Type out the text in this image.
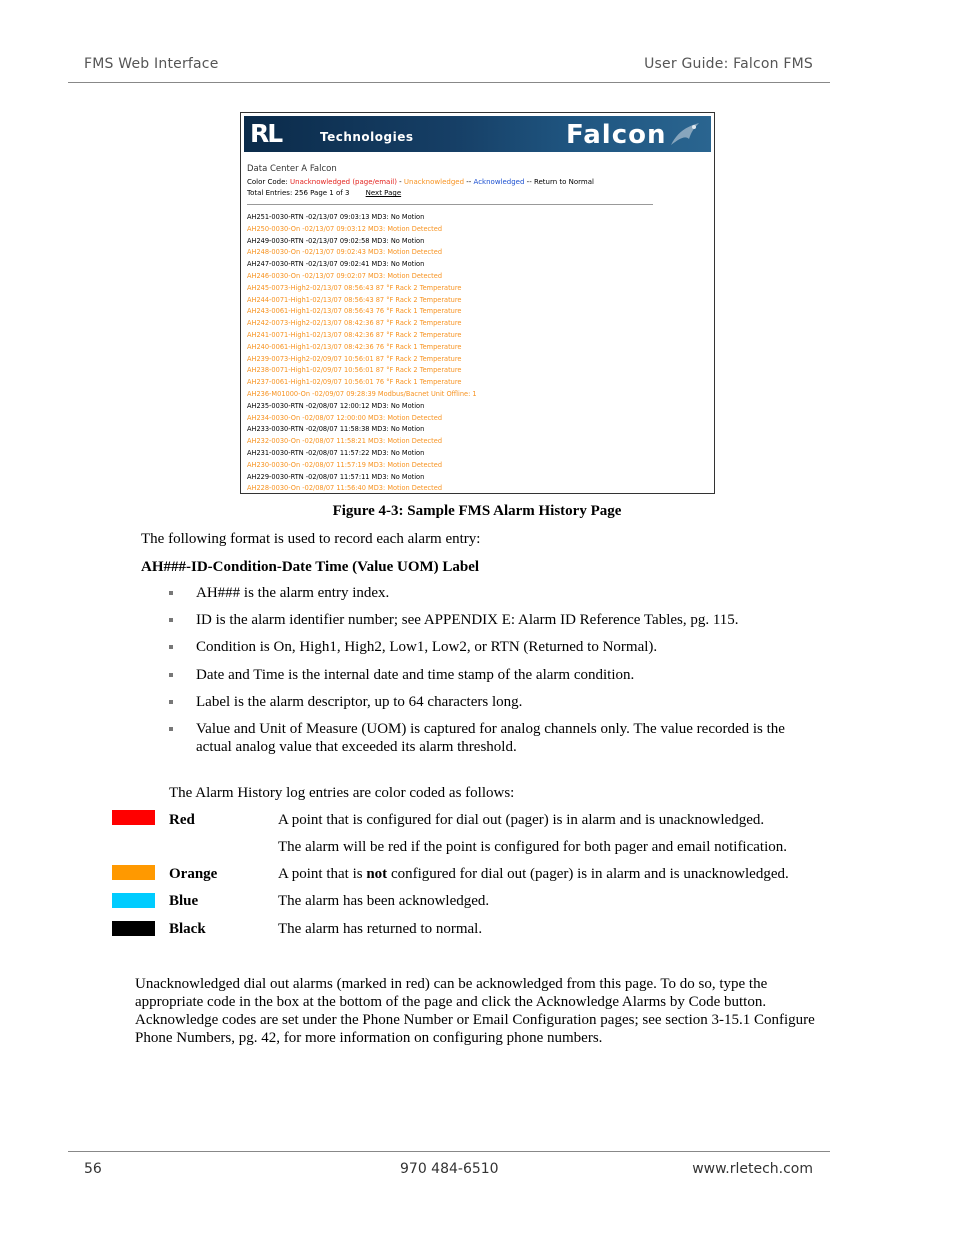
FMS Web Interface	User Guide: Falcon FMS
RL	Technologies	Falcon
Data Center A Falcon
Color Code: Unacknowledged (page/email) - Unacknowledged -- Acknowledged -- Return to Normal
Total Entries: 256 Page 1 of 3 Next Page
AH251-0030-RTN -02/13/07 09:03:13 MD3: No Motion
AH250-0030-On -02/13/07 09:03:12 MD3: Motion Detected
AH249-0030-RTN -02/13/07 09:02:58 MD3: No Motion
AH248-0030-On -02/13/07 09:02:43 MD3: Motion Detected
AH247-0030-RTN -02/13/07 09:02:41 MD3: No Motion
AH246-0030-On -02/13/07 09:02:07 MD3: Motion Detected
AH245-0073-High2-02/13/07 08:56:43 87 °F Rack 2 Temperature
AH244-0071-High1-02/13/07 08:56:43 87 °F Rack 2 Temperature
AH243-0061-High1-02/13/07 08:56:43 76 °F Rack 1 Temperature
AH242-0073-High2-02/13/07 08:42:36 87 °F Rack 2 Temperature
AH241-0071-High1-02/13/07 08:42:36 87 °F Rack 2 Temperature
AH240-0061-High1-02/13/07 08:42:36 76 °F Rack 1 Temperature
AH239-0073-High2-02/09/07 10:56:01 87 °F Rack 2 Temperature
AH238-0071-High1-02/09/07 10:56:01 87 °F Rack 2 Temperature
AH237-0061-High1-02/09/07 10:56:01 76 °F Rack 1 Temperature
AH236-M01000-On -02/09/07 09:28:39 Modbus/Bacnet Unit Offline: 1
AH235-0030-RTN -02/08/07 12:00:12 MD3: No Motion
AH234-0030-On -02/08/07 12:00:00 MD3: Motion Detected
AH233-0030-RTN -02/08/07 11:58:38 MD3: No Motion
AH232-0030-On -02/08/07 11:58:21 MD3: Motion Detected
AH231-0030-RTN -02/08/07 11:57:22 MD3: No Motion
AH230-0030-On -02/08/07 11:57:19 MD3: Motion Detected
AH229-0030-RTN -02/08/07 11:57:11 MD3: No Motion
AH228-0030-On -02/08/07 11:56:40 MD3: Motion Detected
Figure 4-3: Sample FMS Alarm History Page
The following format is used to record each alarm entry:
AH###-ID-Condition-Date Time (Value UOM) Label
AH### is the alarm entry index.
ID is the alarm identifier number; see APPENDIX E: Alarm ID Reference Tables, pg. 115.
Condition is On, High1, High2, Low1, Low2, or RTN (Returned to Normal).
Date and Time is the internal date and time stamp of the alarm condition.
Label is the alarm descriptor, up to 64 characters long.
Value and Unit of Measure (UOM) is captured for analog channels only. The value recorded is the actual analog value that exceeded its alarm threshold.
The Alarm History log entries are color coded as follows:
Red	A point that is configured for dial out (pager) is in alarm and is unacknowledged.
The alarm will be red if the point is configured for both pager and email notification.
Orange	A point that is not configured for dial out (pager) is in alarm and is unacknowledged.
Blue	The alarm has been acknowledged.
Black	The alarm has returned to normal.
Unacknowledged dial out alarms (marked in red) can be acknowledged from this page. To do so, type the appropriate code in the box at the bottom of the page and click the Acknowledge Alarms by Code button. Acknowledge codes are set under the Phone Number or Email Configuration pages; see section 3-15.1 Configure Phone Numbers, pg. 42, for more information on configuring phone numbers.
56	970 484-6510	www.rletech.com
